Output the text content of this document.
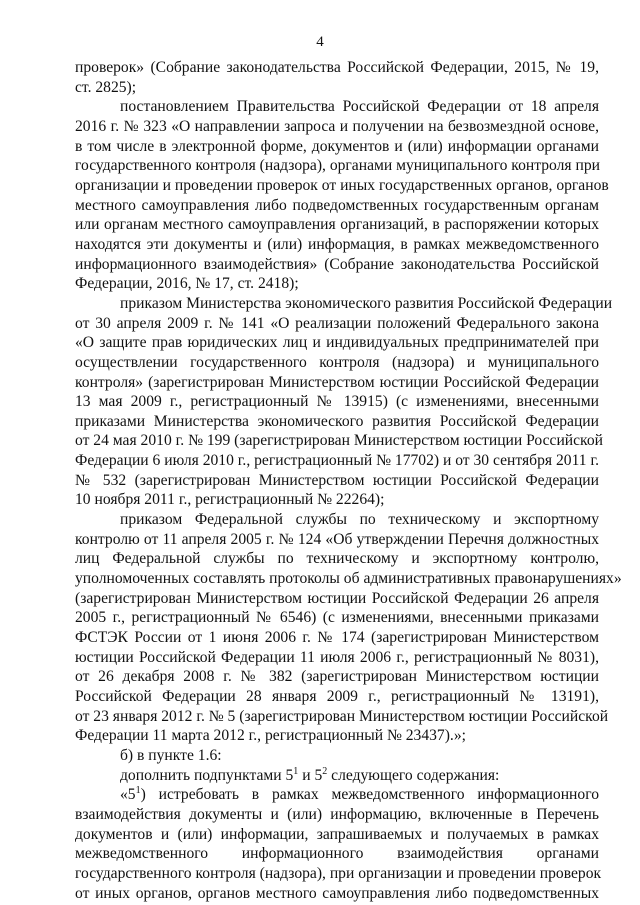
4
проверок» (Собрание законодательства Российской Федерации, 2015, № 19,
ст. 2825);
постановлением Правительства Российской Федерации от 18 апреля
2016 г. № 323 «О направлении запроса и получении на безвозмездной основе,
в том числе в электронной форме, документов и (или) информации органами
государственного контроля (надзора), органами муниципального контроля при
организации и проведении проверок от иных государственных органов, органов
местного самоуправления либо подведомственных государственным органам
или органам местного самоуправления организаций, в распоряжении которых
находятся эти документы и (или) информация, в рамках межведомственного
информационного взаимодействия» (Собрание законодательства Российской
Федерации, 2016, № 17, ст. 2418);
приказом Министерства экономического развития Российской Федерации
от 30 апреля 2009 г. № 141 «О реализации положений Федерального закона
«О защите прав юридических лиц и индивидуальных предпринимателей при
осуществлении государственного контроля (надзора) и муниципального
контроля» (зарегистрирован Министерством юстиции Российской Федерации
13 мая 2009 г., регистрационный № 13915) (с изменениями, внесенными
приказами Министерства экономического развития Российской Федерации
от 24 мая 2010 г. № 199 (зарегистрирован Министерством юстиции Российской
Федерации 6 июля 2010 г., регистрационный № 17702) и от 30 сентября 2011 г.
№ 532 (зарегистрирован Министерством юстиции Российской Федерации
10 ноября 2011 г., регистрационный № 22264);
приказом Федеральной службы по техническому и экспортному
контролю от 11 апреля 2005 г. № 124 «Об утверждении Перечня должностных
лиц Федеральной службы по техническому и экспортному контролю,
уполномоченных составлять протоколы об административных правонарушениях»
(зарегистрирован Министерством юстиции Российской Федерации 26 апреля
2005 г., регистрационный № 6546) (с изменениями, внесенными приказами
ФСТЭК России от 1 июня 2006 г. № 174 (зарегистрирован Министерством
юстиции Российской Федерации 11 июля 2006 г., регистрационный № 8031),
от 26 декабря 2008 г. № 382 (зарегистрирован Министерством юстиции
Российской Федерации 28 января 2009 г., регистрационный № 13191),
от 23 января 2012 г. № 5 (зарегистрирован Министерством юстиции Российской
Федерации 11 марта 2012 г., регистрационный № 23437).»;
б) в пункте 1.6:
дополнить подпунктами $5^1$ и $5^2$ следующего содержания:
«$5^1$) истребовать в рамках межведомственного информационного
взаимодействия документы и (или) информацию, включенные в Перечень
документов и (или) информации, запрашиваемых и получаемых в рамках
межведомственного информационного взаимодействия органами
государственного контроля (надзора), при организации и проведении проверок
от иных органов, органов местного самоуправления либо подведомственных
